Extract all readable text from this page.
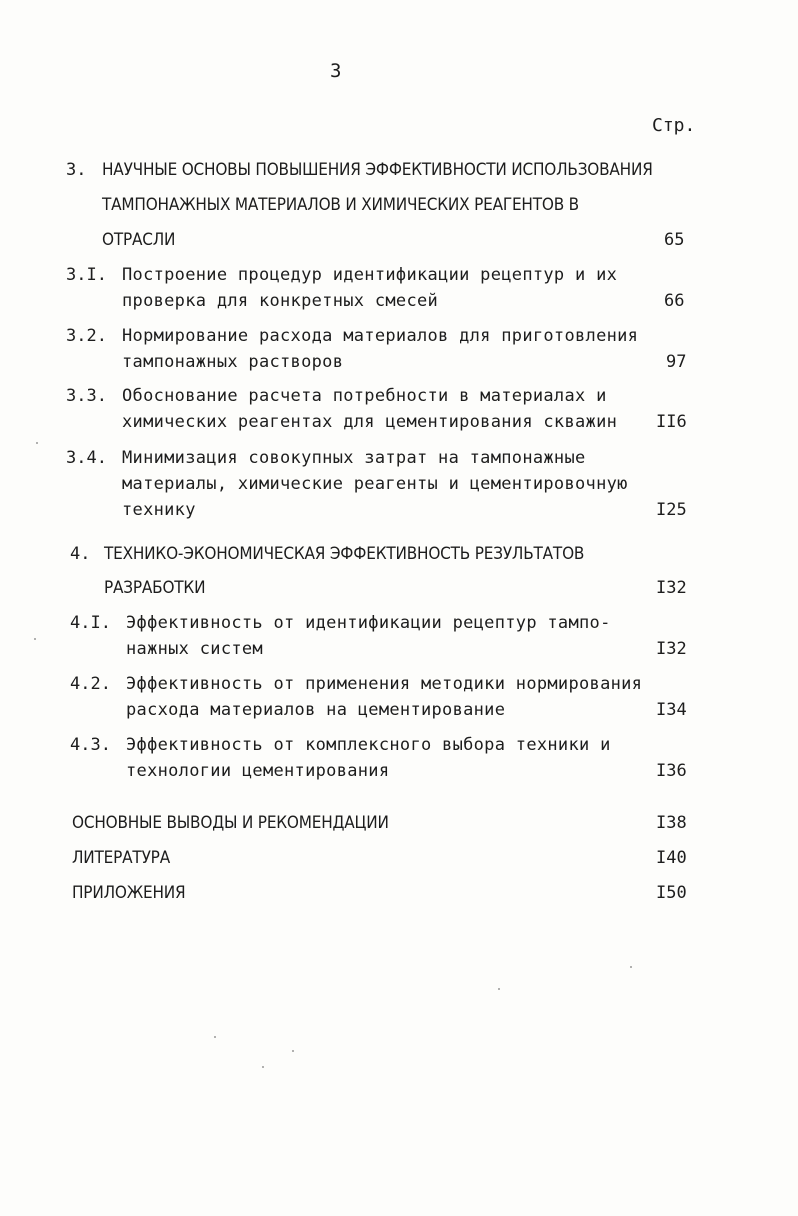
3
Стр.
3. НАУЧНЫЕ ОСНОВЫ ПОВЫШЕНИЯ ЭФФЕКТИВНОСТИ ИСПОЛЬЗОВАНИЯ
ТАМПОНАЖНЫХ МАТЕРИАЛОВ И ХИМИЧЕСКИХ РЕАГЕНТОВ В
ОТРАСЛИ	65
3.I. Построение процедур идентификации рецептур и их
проверка для конкретных смесей	66
3.2. Нормирование расхода материалов для приготовления
тампонажных растворов	97
3.3. Обоснование расчета потребности в материалах и
химических реагентах для цементирования скважин II6
3.4. Минимизация совокупных затрат на тампонажные
материалы, химические реагенты и цементировочную
технику	I25
4. ТЕХНИКО-ЭКОНОМИЧЕСКАЯ ЭФФЕКТИВНОСТЬ РЕЗУЛЬТАТОВ
РАЗРАБОТКИ	I32
4.I. Эффективность от идентификации рецептур тампо-
нажных систем	I32
4.2. Эффективность от применения методики нормирования
расхода материалов на цементирование	I34
4.3. Эффективность от комплексного выбора техники и
технологии цементирования	I36
ОСНОВНЫЕ ВЫВОДЫ И РЕКОМЕНДАЦИИ	I38
ЛИТЕРАТУРА	I40
ПРИЛОЖЕНИЯ	I50
